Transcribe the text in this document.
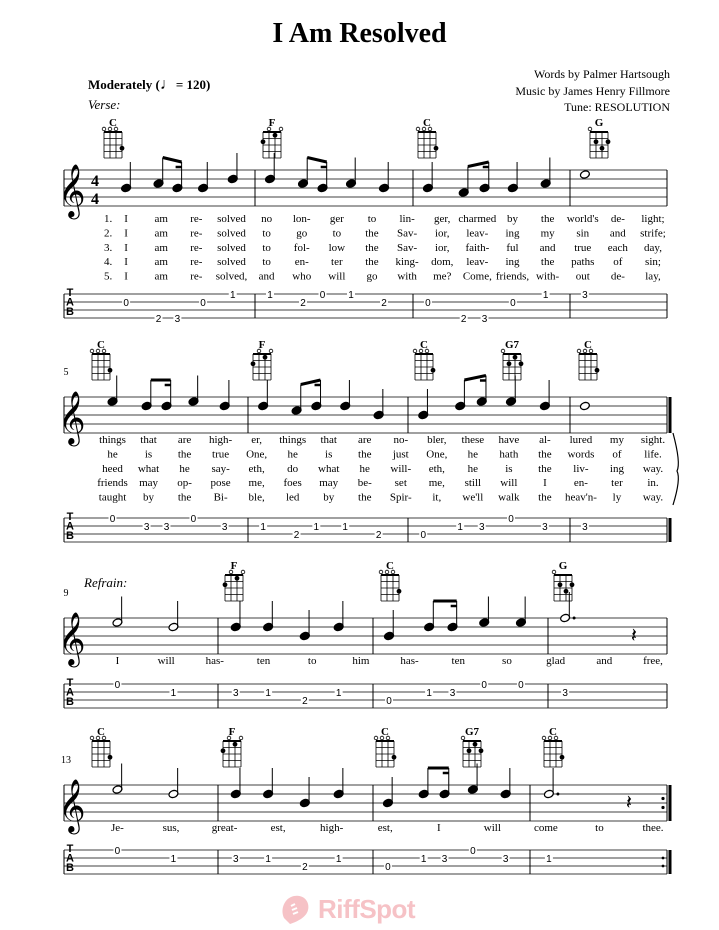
I Am Resolved
Moderately (♩= 120)
Words by Palmer Hartsough
Music by James Henry Fillmore
Tune: RESOLUTION
Verse:
Refrain:
C	F	C	G
𝄞 4
4
1. I am re- solved no lon- ger to lin- ger, charmed by the world's de- light;
2. I am re- solved to go to the Sav- ior, leav- ing my sin and strife;
3. I am re- solved to fol- low the Sav- ior, faith- ful and true each day,
4. I am re- solved to en- ter the king- dom, leav- ing the paths of sin;
5. I am re- solved, and who will go with me? Come, friends, with- out de- lay,
T
A
B
0
2 3
0
1	1
2
0 1
2	0
2 3
0
1	3
5
C	F	C	G7	C
𝄞 things that are high- er, things that are no- bler, these have al- lured my sight.
he is the true One, he is the just One, he hath the words of life.
heed what he say- eth, do what he will- eth, he is the liv- ing way.
friends may op- pose me, foes may be- set me, still will I en- ter in.
taught by the Bi- ble, led by the Spir- it, we'll walk the heav'n- ly way.
T
A
B
0
3 3
0
3	1
2
1 1
2	0
1 3
0
3	3
9
F	C	G
𝄞	𝄽
I	will	has-	ten	to	him	has-	ten	so	glad	and	free,
T
A
B
0
1	3	1
2
1
0
1 3
0	0
3
13
C	F	C	G7	C
𝄞	𝄽
Je-	sus,	great-	est,	high-	est,	I	will	come	to	thee.
T
A
B
0
1	3	1
2
1
0
1 3
0
3	1
RiffSpot
